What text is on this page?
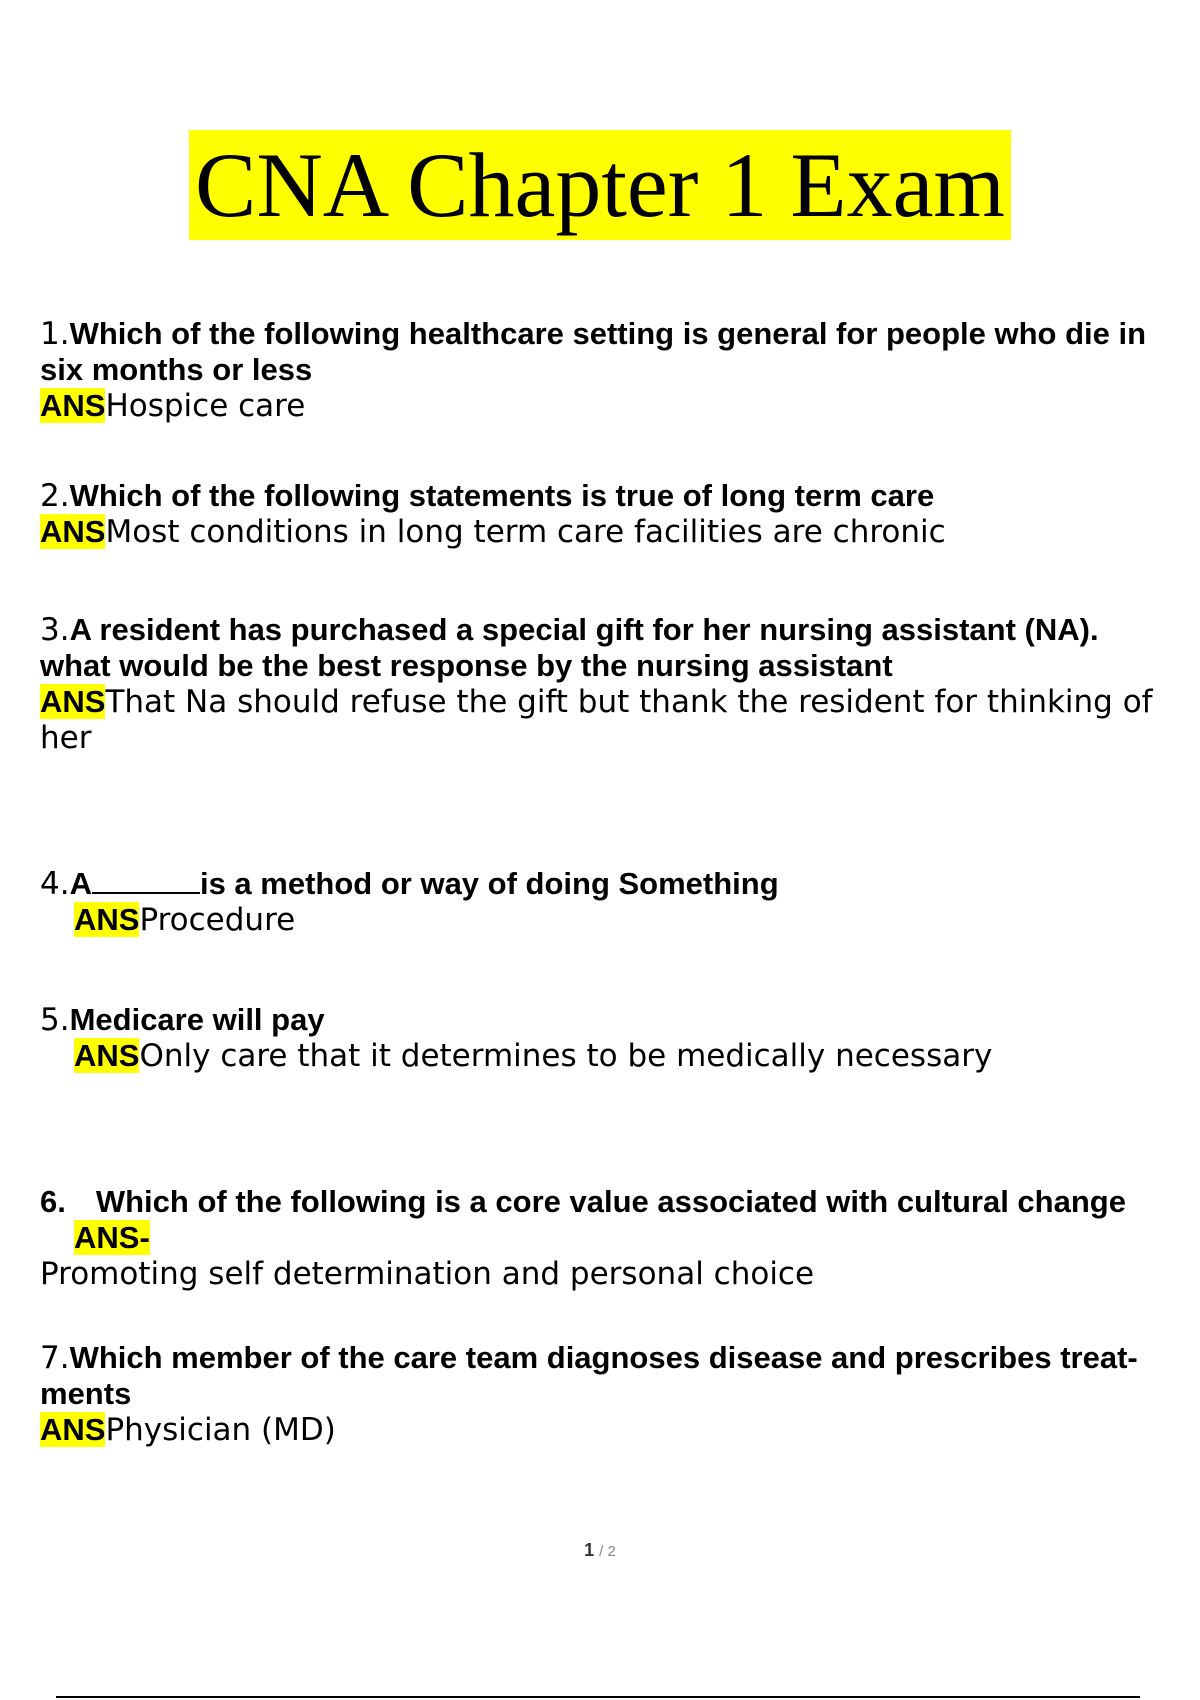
CNA Chapter 1 Exam
1.Which of the following healthcare setting is general for people who die in six months or less
ANSHospice care
2.Which of the following statements is true of long term care
ANSMost conditions in long term care facilities are chronic
3.A resident has purchased a special gift for her nursing assistant (NA). what would be the best response by the nursing assistant
ANSThat Na should refuse the gift but thank the resident for thinking of her
4.A	is a method or way of doing Something
ANSProcedure
5.Medicare will pay
ANSOnly care that it determines to be medically necessary
6. Which of the following is a core value associated with cultural change
ANS-
Promoting self determination and personal choice
7.Which member of the care team diagnoses disease and prescribes treat- ments
ANSPhysician (MD)
1 / 2
